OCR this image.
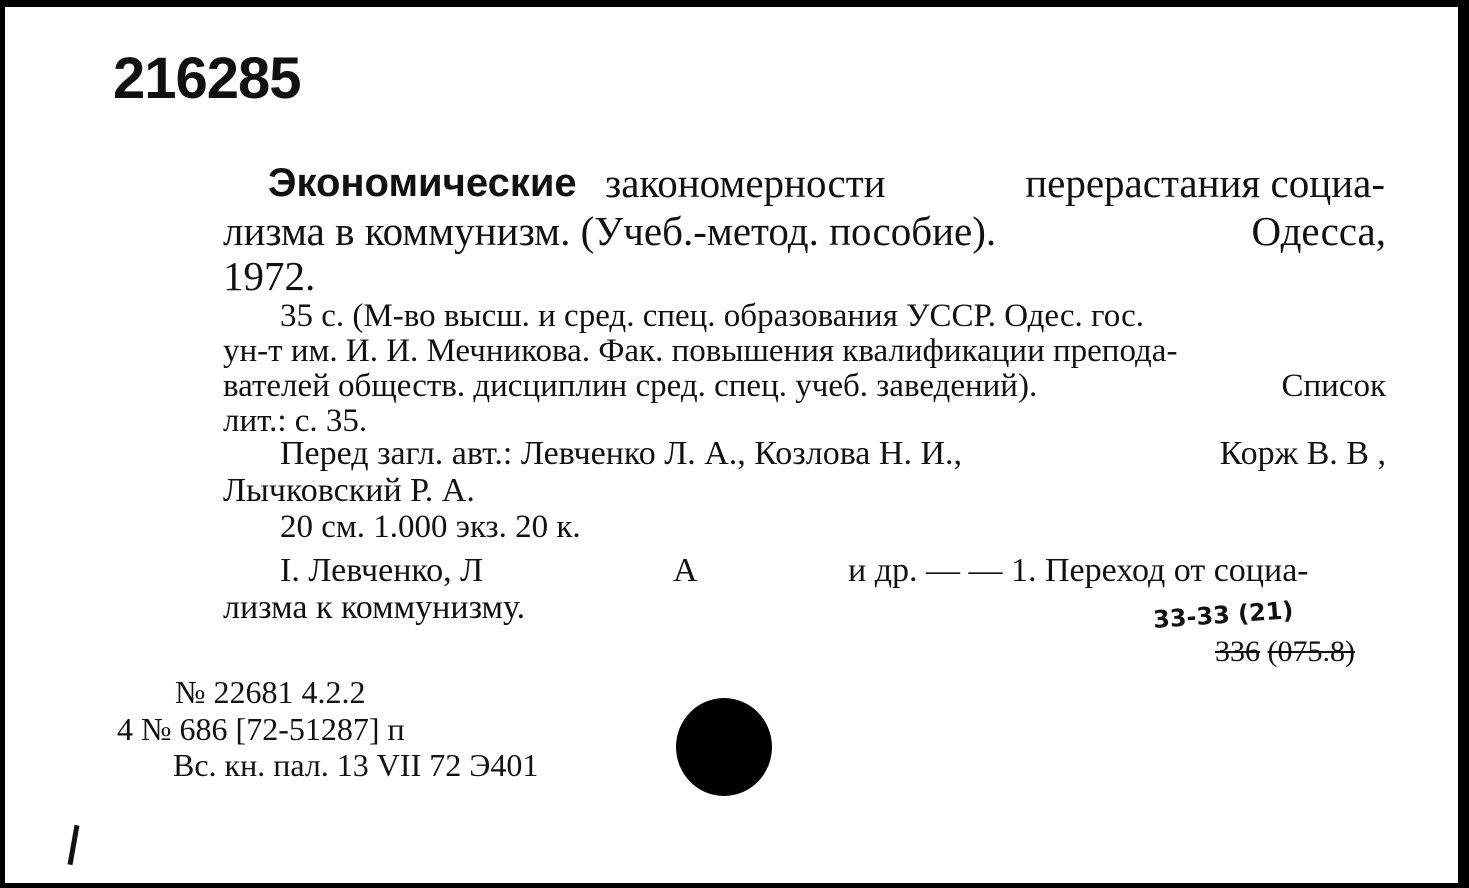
216285
Экономические закономерности	перерастания социа-
лизма в коммунизм. (Учеб.-метод. пособие).	Одесса,
1972.
35 с. (М-во высш. и сред. спец. образования УССР. Одес. гос.
ун-т им. И. И. Мечникова. Фак. повышения квалификации препода-
вателей обществ. дисциплин сред. спец. учеб. заведений).	Список
лит.: с. 35.
Перед загл. авт.: Левченко Л. А., Козлова Н. И.,	Корж В. В ,
Лычковский Р. А.
20 см. 1.000 экз. 20 к.
I. Левченко, Л	А	и др. — — 1. Переход от социа-
лизма к коммунизму.	33-33 (21)
336 (075.8)
№ 22681 4.2.2
4 № 686 [72-51287] п
Вс. кн. пал. 13 VII 72 Э401
